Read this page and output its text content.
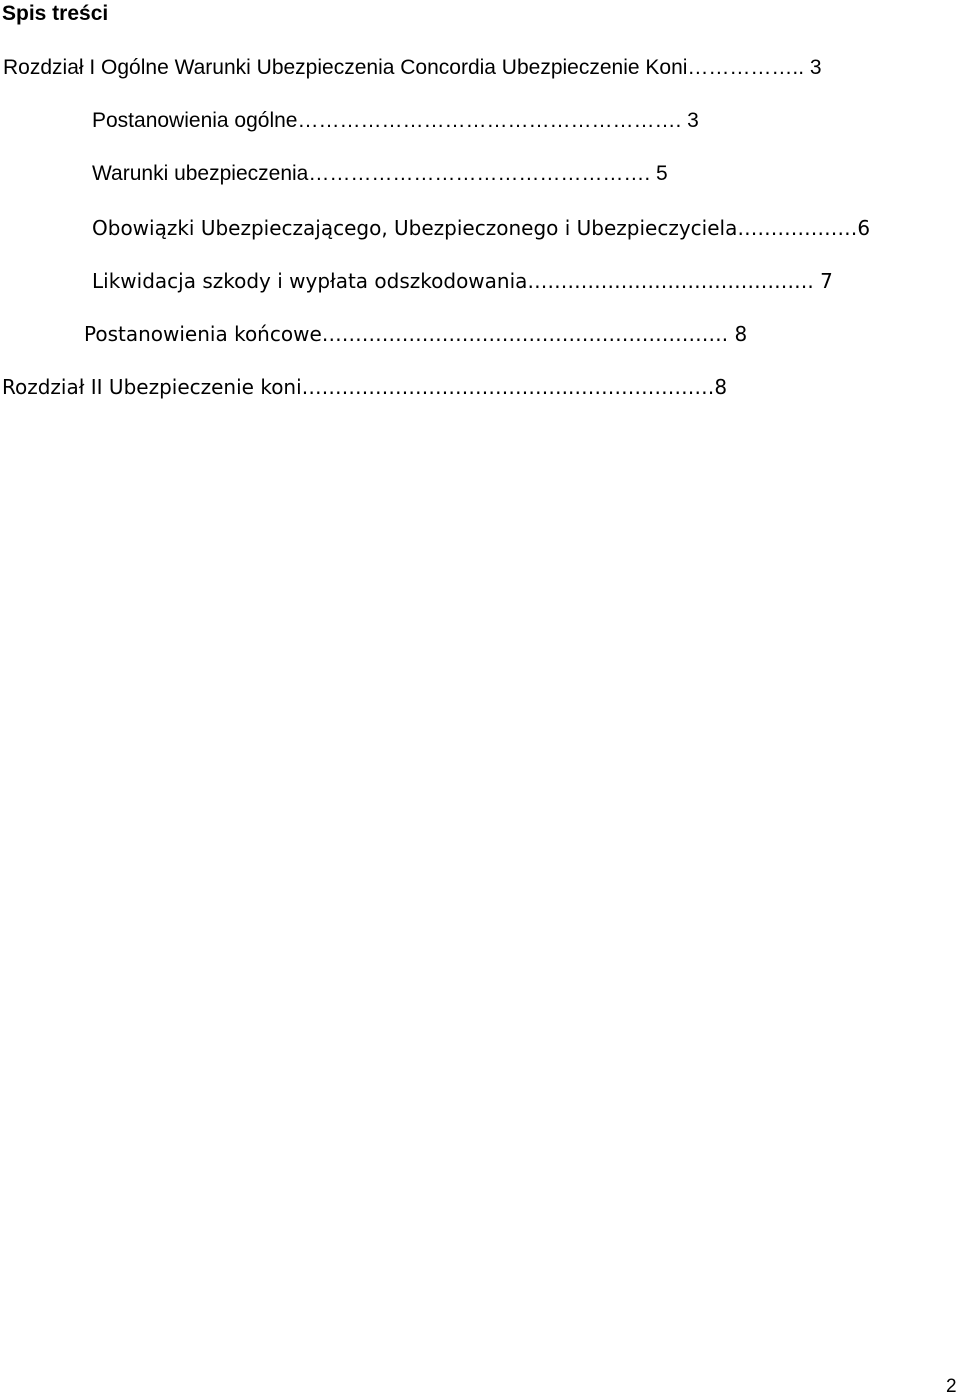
Spis treści
Rozdział I Ogólne Warunki Ubezpieczenia Concordia Ubezpieczenie Koni…………….. 3
Postanowienia ogólne………………………………………………. 3
Warunki ubezpieczenia…………………………………………. 5
Obowiązki Ubezpieczającego, Ubezpieczonego i Ubezpieczyciela………………6
Likwidacja szkody i wypłata odszkodowania……………………………………. 7
Postanowienia końcowe……………………………………………………. 8
Rozdział II Ubezpieczenie koni…………………………………..…………………8
2
